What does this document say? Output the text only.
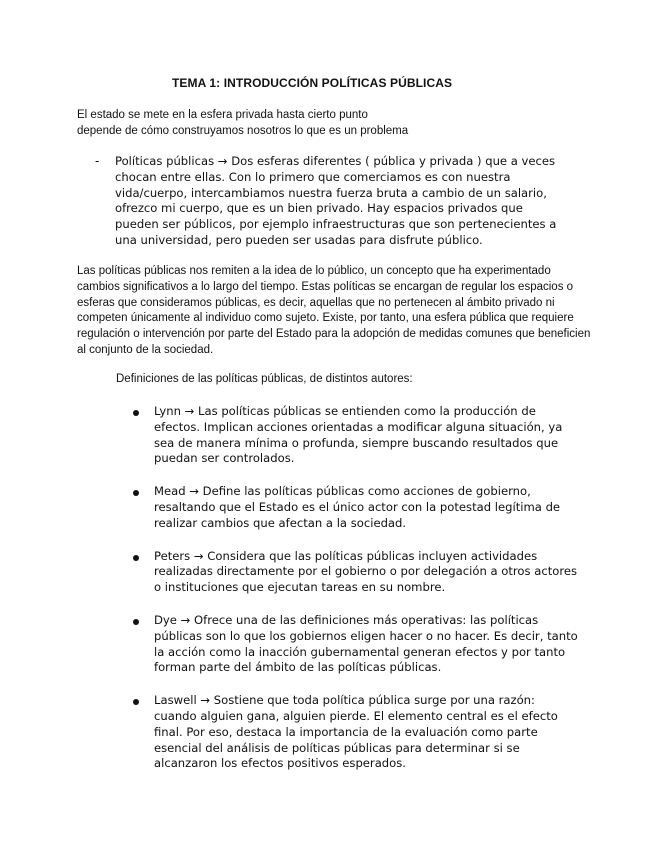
TEMA 1: INTRODUCCIÓN POLÍTICAS PÚBLICAS
El estado se mete en la esfera privada hasta cierto punto
depende de cómo construyamos nosotros lo que es un problema
- Políticas públicas → Dos esferas diferentes ( pública y privada ) que a veces chocan entre ellas. Con lo primero que comerciamos es con nuestra vida/cuerpo, intercambiamos nuestra fuerza bruta a cambio de un salario, ofrezco mi cuerpo, que es un bien privado. Hay espacios privados que pueden ser públicos, por ejemplo infraestructuras que son pertenecientes a una universidad, pero pueden ser usadas para disfrute público.
Las políticas públicas nos remiten a la idea de lo público, un concepto que ha experimentado cambios significativos a lo largo del tiempo. Estas políticas se encargan de regular los espacios o esferas que consideramos públicas, es decir, aquellas que no pertenecen al ámbito privado ni competen únicamente al individuo como sujeto. Existe, por tanto, una esfera pública que requiere regulación o intervención por parte del Estado para la adopción de medidas comunes que beneficien al conjunto de la sociedad.
Definiciones de las políticas públicas, de distintos autores:
Lynn → Las políticas públicas se entienden como la producción de efectos. Implican acciones orientadas a modificar alguna situación, ya sea de manera mínima o profunda, siempre buscando resultados que puedan ser controlados.
Mead → Define las políticas públicas como acciones de gobierno, resaltando que el Estado es el único actor con la potestad legítima de realizar cambios que afectan a la sociedad.
Peters → Considera que las políticas públicas incluyen actividades realizadas directamente por el gobierno o por delegación a otros actores o instituciones que ejecutan tareas en su nombre.
Dye → Ofrece una de las definiciones más operativas: las políticas públicas son lo que los gobiernos eligen hacer o no hacer. Es decir, tanto la acción como la inacción gubernamental generan efectos y por tanto forman parte del ámbito de las políticas públicas.
Laswell → Sostiene que toda política pública surge por una razón: cuando alguien gana, alguien pierde. El elemento central es el efecto final. Por eso, destaca la importancia de la evaluación como parte esencial del análisis de políticas públicas para determinar si se alcanzaron los efectos positivos esperados.
